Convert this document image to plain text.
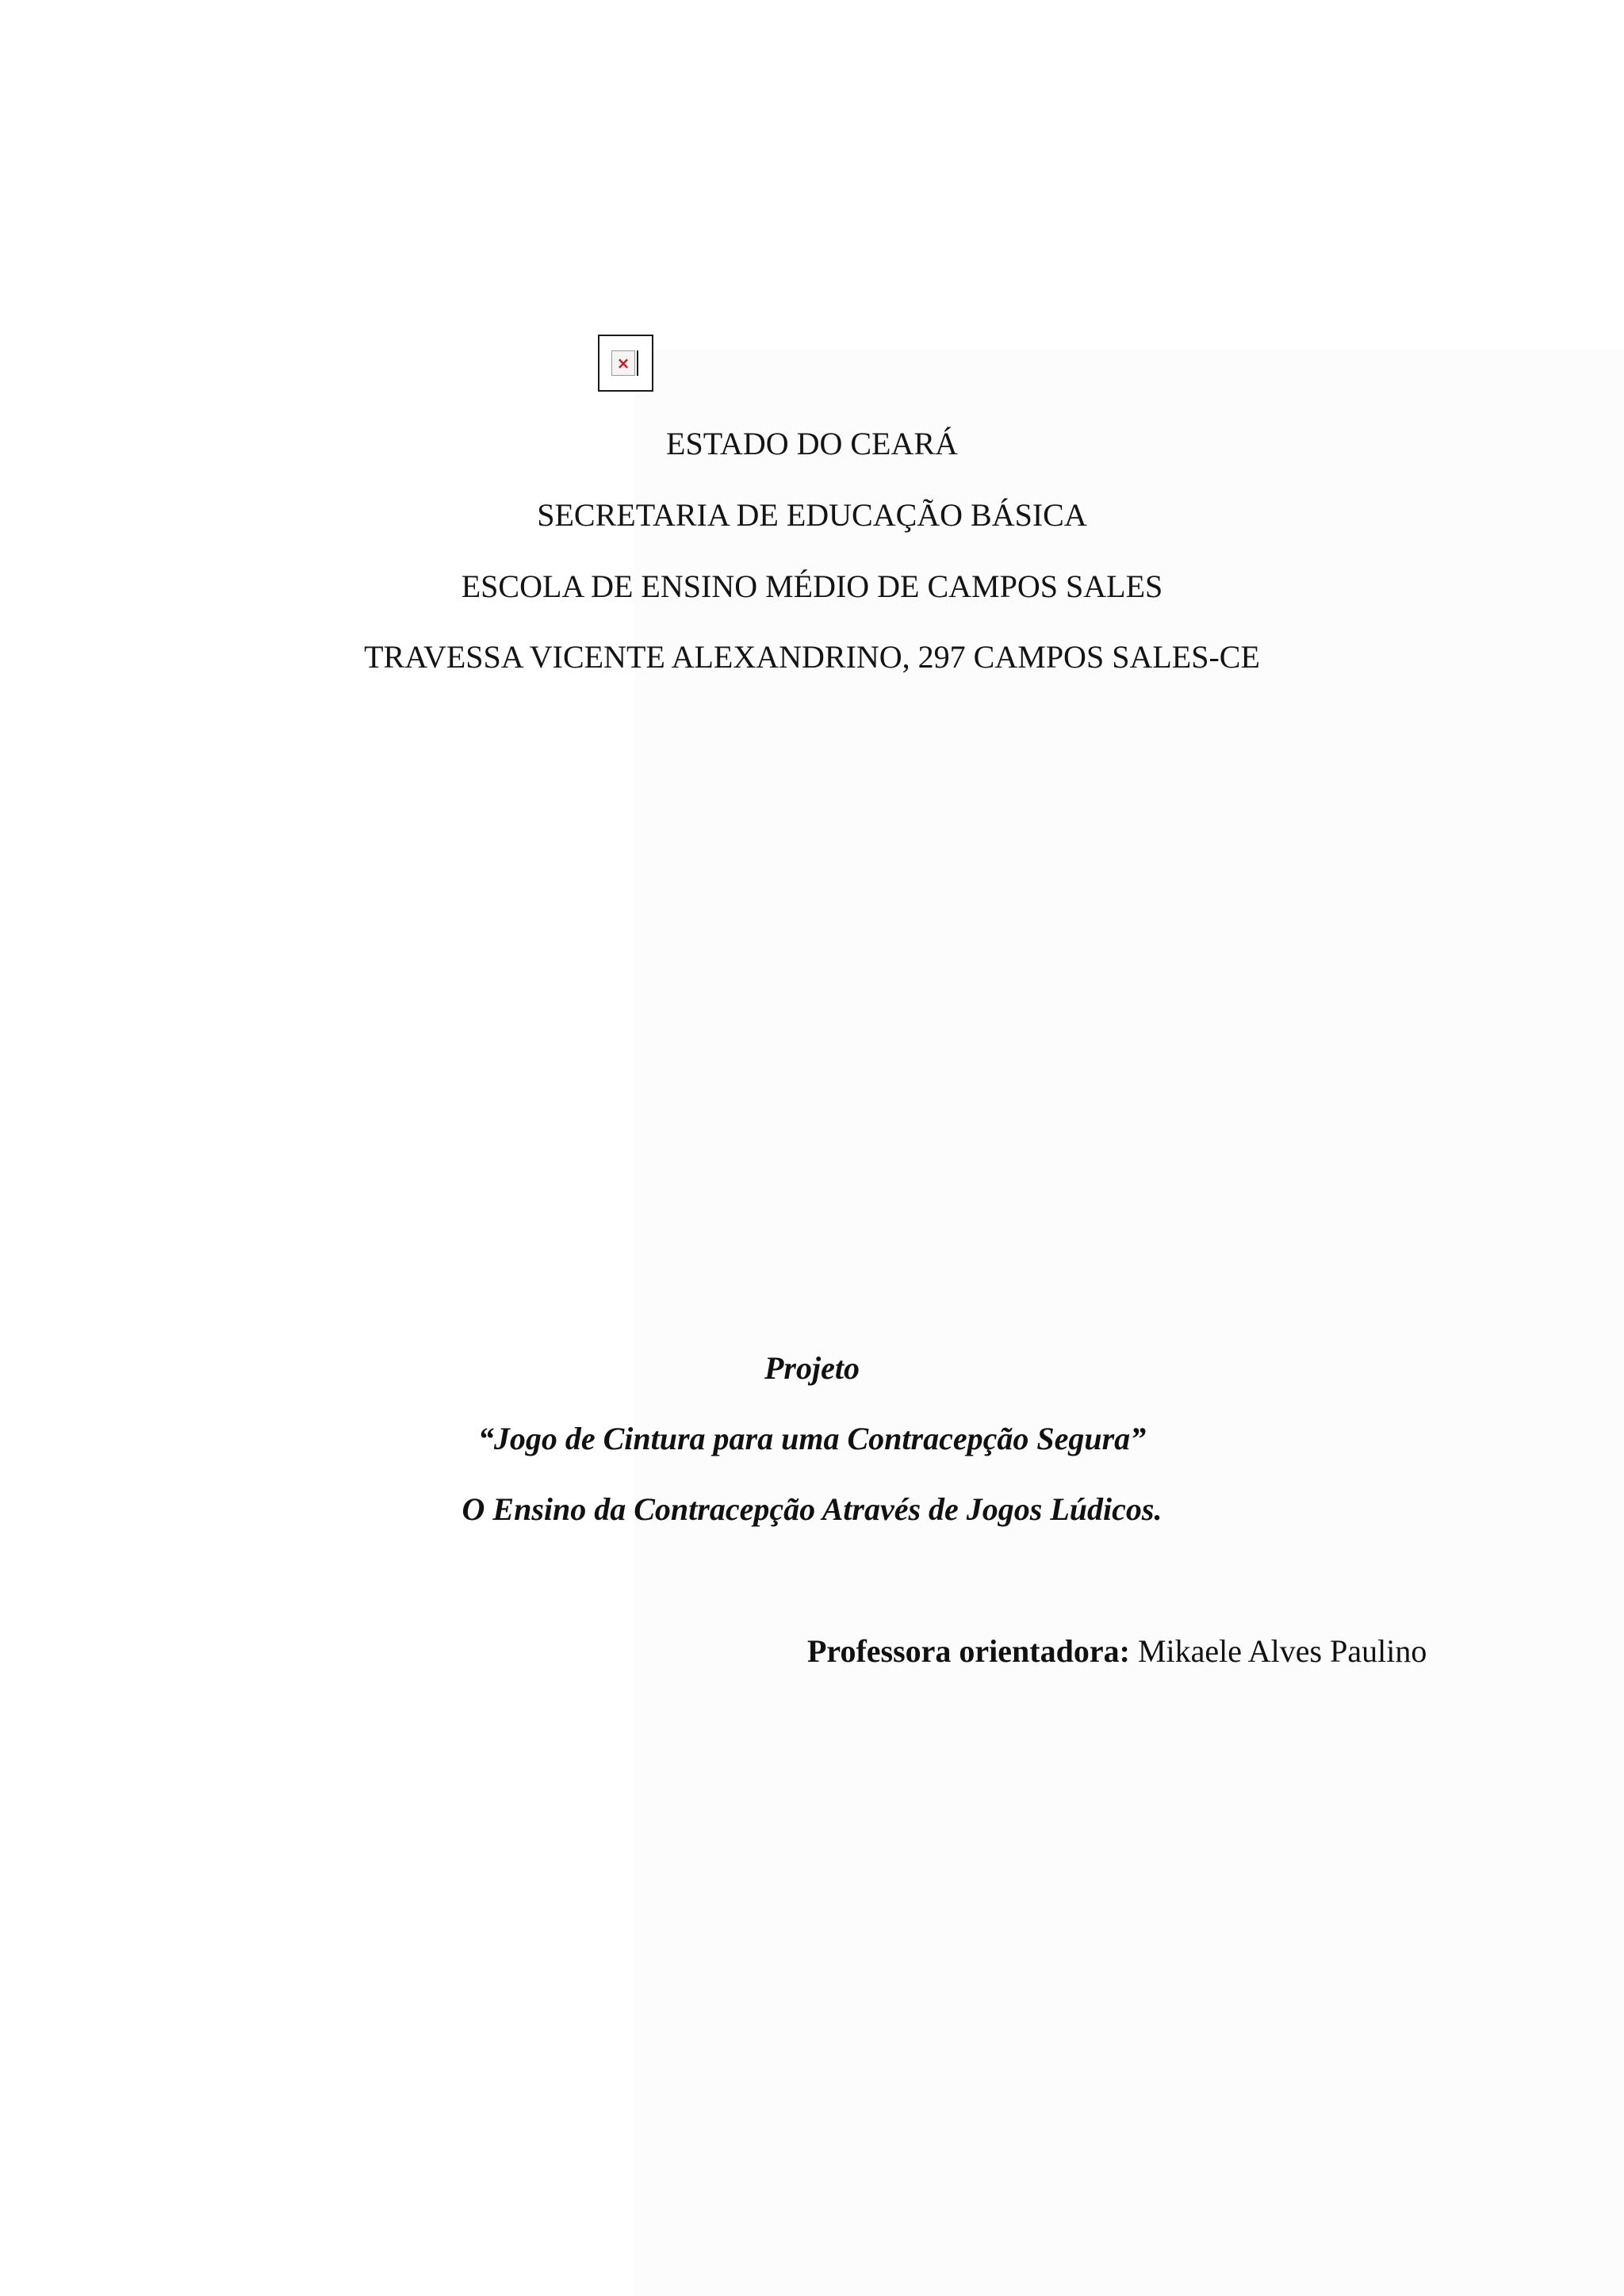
×
ESTADO DO CEARÁ
SECRETARIA DE EDUCAÇÃO BÁSICA
ESCOLA DE ENSINO MÉDIO DE CAMPOS SALES
TRAVESSA VICENTE ALEXANDRINO, 297 CAMPOS SALES-CE
Projeto
“Jogo de Cintura para uma Contracepção Segura”
O Ensino da Contracepção Através de Jogos Lúdicos.
Professora orientadora: Mikaele Alves Paulino
